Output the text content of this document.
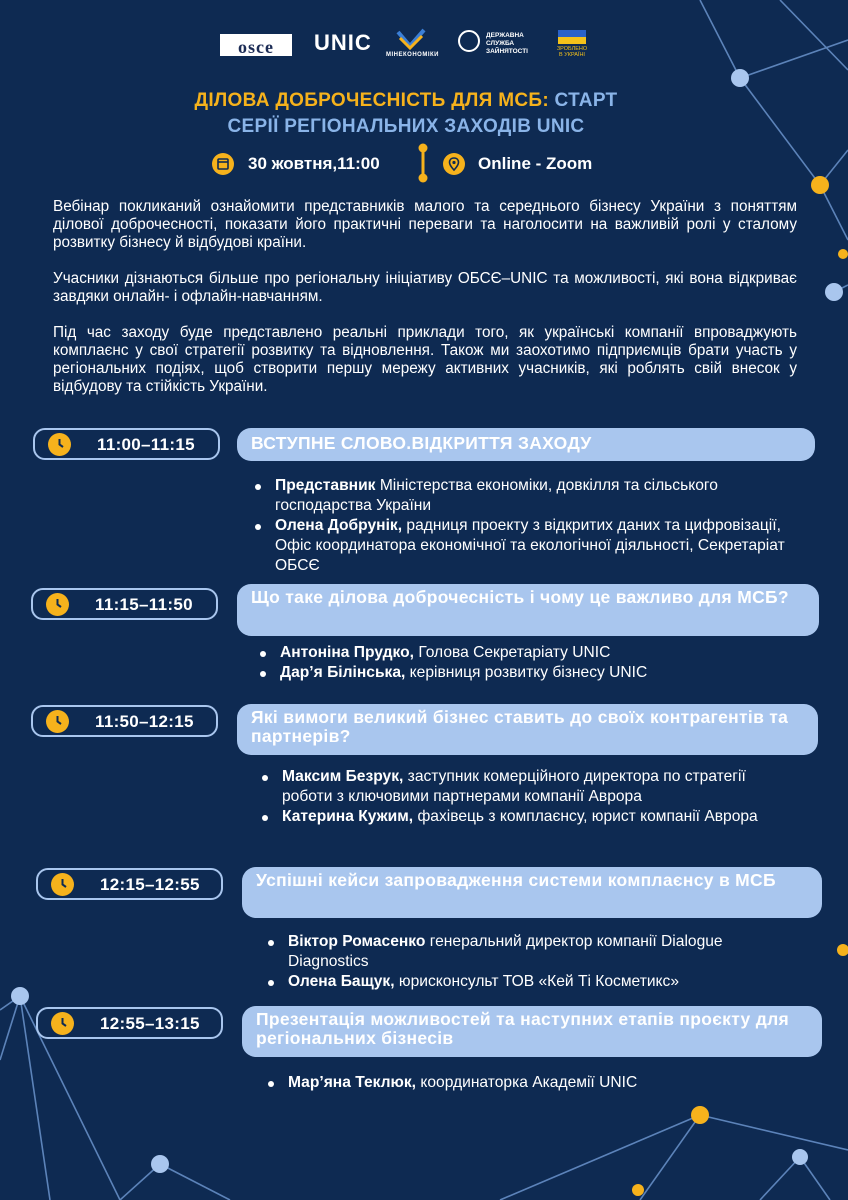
osce	UNIC МІНЕКОНОМІКИ
ДЕРЖАВНА
СЛУЖБА
ЗАЙНЯТОСТІ	ЗРОБЛЕНО
В УКРАЇНІ
ДІЛОВА ДОБРОЧЕСНІСТЬ ДЛЯ МСБ: СТАРТ
СЕРІЇ РЕГІОНАЛЬНИХ ЗАХОДІВ UNIC
30 жовтня,11:00	Online - Zoom

Вебінар покликаний ознайомити представників малого та середнього бізнесу України з поняттям ділової доброчесності, показати його практичні переваги та наголосити на важливій ролі у сталому розвитку бізнесу й відбудові країни.

Учасники дізнаються більше про регіональну ініціативу ОБСЄ–UNIC та можливості, які вона відкриває завдяки онлайн- і офлайн-навчанням.

Під час заходу буде представлено реальні приклади того, як українські компанії впроваджують комплаєнс у свої стратегії розвитку та відновлення. Також ми заохотимо підприємців брати участь у регіональних подіях, щоб створити першу мережу активних учасників, які роблять свій внесок у відбудову та стійкість України.

11:00–11:15	ВСТУПНЕ СЛОВО.ВІДКРИТТЯ ЗАХОДУ
Представник Міністерства економіки, довкілля та сільського господарства України
Олена Добрунік, радниця проекту з відкритих даних та цифровізації, Офіс координатора економічної та екологічної діяльності, Секретаріат ОБСЄ
11:15–11:50	Що таке ділова доброчесність і чому це важливо для МСБ?
Антоніна Прудко, Голова Секретаріату UNIC
Дар’я Білінська, керівниця розвитку бізнесу UNIC
11:50–12:15	Які вимоги великий бізнес ставить до своїх контрагентів та партнерів?
Максим Безрук, заступник комерційного директора по стратегії роботи з ключовими партнерами компанії Аврора
Катерина Кужим, фахівець з комплаєнсу, юрист компанії Аврора
12:15–12:55	Успішні кейси запровадження системи комплаєнсу в МСБ
Віктор Ромасенко генеральний директор компанії Dialogue Diagnostics
Олена Бащук, юрисконсульт ТОВ «Кей Ті Косметикс»
12:55–13:15	Презентація можливостей та наступних етапів проєкту для регіональних бізнесів
Мар’яна Теклюк, координаторка Академії UNIC
